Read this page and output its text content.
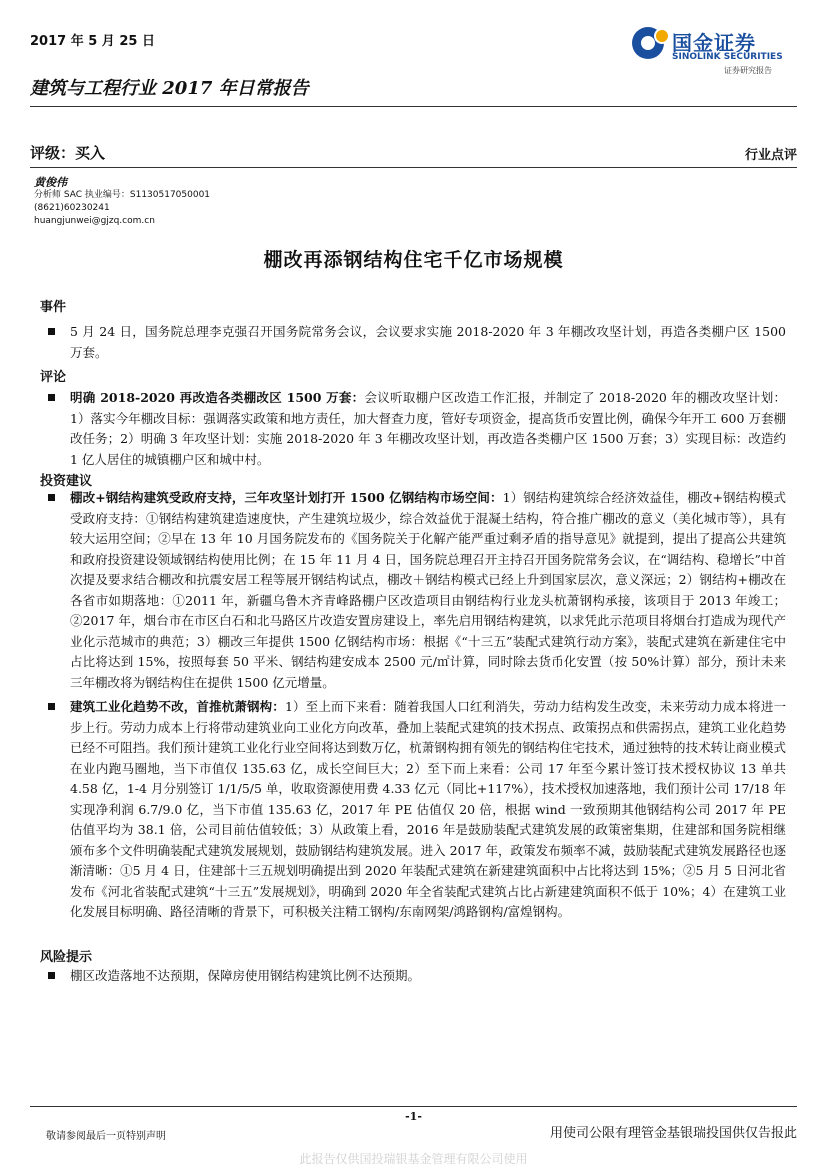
2017 年 5 月 25 日
建筑与工程行业 2017 年日常报告
国金证券
SINOLINK SECURITIES
证券研究报告
评级：买入	行业点评
黄俊伟
分析师 SAC 执业编号：S1130517050001
(8621)60230241
huangjunwei@gjzq.com.cn
棚改再添钢结构住宅千亿市场规模
事件
5 月 24 日，国务院总理李克强召开国务院常务会议，会议要求实施 2018-2020 年 3 年棚改攻坚计划，再造各类棚户区 1500 万套。
评论
明确 2018-2020 再改造各类棚改区 1500 万套：会议听取棚户区改造工作汇报，并制定了 2018-2020 年的棚改攻坚计划： 1）落实今年棚改目标：强调落实政策和地方责任，加大督查力度，管好专项资金，提高货币安置比例，确保今年开工 600 万套棚改任务；2）明确 3 年攻坚计划：实施 2018-2020 年 3 年棚改攻坚计划，再改造各类棚户区 1500 万套；3）实现目标：改造约 1 亿人居住的城镇棚户区和城中村。
投资建议
棚改+钢结构建筑受政府支持，三年攻坚计划打开 1500 亿钢结构市场空间：1）钢结构建筑综合经济效益佳，棚改+钢结构模式受政府支持：①钢结构建筑建造速度快，产生建筑垃圾少，综合效益优于混凝土结构，符合推广棚改的意义（美化城市等），具有较大运用空间；②早在 13 年 10 月国务院发布的《国务院关于化解产能严重过剩矛盾的指导意见》就提到，提出了提高公共建筑和政府投资建设领域钢结构使用比例；在 15 年 11 月 4 日，国务院总理召开主持召开国务院常务会议，在“调结构、稳增长”中首次提及要求结合棚改和抗震安居工程等展开钢结构试点，棚改＋钢结构模式已经上升到国家层次，意义深远；2）钢结构+棚改在各省市如期落地：①2011 年，新疆乌鲁木齐青峰路棚户区改造项目由钢结构行业龙头杭萧钢构承接，该项目于 2013 年竣工；②2017 年，烟台市在市区白石和北马路区片改造安置房建设上，率先启用钢结构建筑，以求凭此示范项目将烟台打造成为现代产业化示范城市的典范；3）棚改三年提供 1500 亿钢结构市场：根据《“十三五”装配式建筑行动方案》，装配式建筑在新建住宅中占比将达到 15%，按照每套 50 平米、钢结构建安成本 2500 元/㎡计算，同时除去货币化安置（按 50%计算）部分，预计未来三年棚改将为钢结构住在提供 1500 亿元增量。
建筑工业化趋势不改，首推杭萧钢构：1）至上而下来看：随着我国人口红利消失，劳动力结构发生改变，未来劳动力成本将进一步上行。劳动力成本上行将带动建筑业向工业化方向改革，叠加上装配式建筑的技术拐点、政策拐点和供需拐点，建筑工业化趋势已经不可阻挡。我们预计建筑工业化行业空间将达到数万亿，杭萧钢构拥有领先的钢结构住宅技术，通过独特的技术转让商业模式在业内跑马圈地，当下市值仅 135.63 亿，成长空间巨大；2）至下而上来看：公司 17 年至今累计签订技术授权协议 13 单共 4.58 亿，1-4 月分别签订 1/1/5/5 单，收取资源使用费 4.33 亿元（同比+117%），技术授权加速落地，我们预计公司 17/18 年实现净利润 6.7/9.0 亿，当下市值 135.63 亿，2017 年 PE 估值仅 20 倍，根据 wind 一致预期其他钢结构公司 2017 年 PE 估值平均为 38.1 倍，公司目前估值较低；3）从政策上看，2016 年是鼓励装配式建筑发展的政策密集期，住建部和国务院相继颁布多个文件明确装配式建筑发展规划，鼓励钢结构建筑发展。进入 2017 年，政策发布频率不减，鼓励装配式建筑发展路径也逐渐清晰：①5 月 4 日，住建部十三五规划明确提出到 2020 年装配式建筑在新建建筑面积中占比将达到 15%；②5 月 5 日河北省发布《河北省装配式建筑“十三五”发展规划》，明确到 2020 年全省装配式建筑占比占新建建筑面积不低于 10%；4）在建筑工业化发展目标明确、路径清晰的背景下，可积极关注精工钢构/东南网架/鸿路钢构/富煌钢构。
风险提示
棚区改造落地不达预期，保障房使用钢结构建筑比例不达预期。
-1-
敬请参阅最后一页特别声明	用使司公限有理管金基银瑞投国供仅告报此
此报告仅供国投瑞银基金管理有限公司使用
